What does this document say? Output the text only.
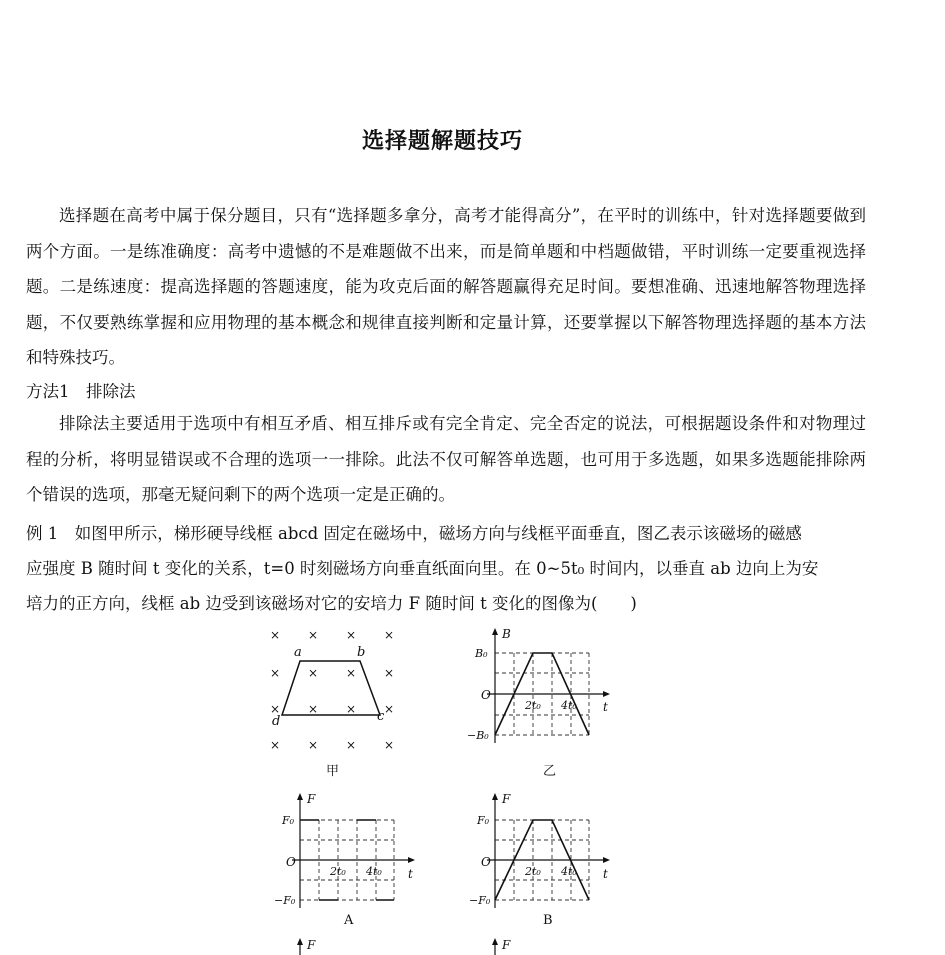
选择题解题技巧
选择题在高考中属于保分题目，只有“选择题多拿分，高考才能得高分”，在平时的训练中，针对选择题要做到两个方面。一是练准确度：高考中遗憾的不是难题做不出来，而是简单题和中档题做错，平时训练一定要重视选择题。二是练速度：提高选择题的答题速度，能为攻克后面的解答题赢得充足时间。要想准确、迅速地解答物理选择题，不仅要熟练掌握和应用物理的基本概念和规律直接判断和定量计算，还要掌握以下解答物理选择题的基本方法和特殊技巧。
方法1　排除法
排除法主要适用于选项中有相互矛盾、相互排斥或有完全肯定、完全否定的说法，可根据题设条件和对物理过程的分析，将明显错误或不合理的选项一一排除。此法不仅可解答单选题，也可用于多选题，如果多选题能排除两个错误的选项，那毫无疑问剩下的两个选项一定是正确的。
例 1　如图甲所示，梯形硬导线框 abcd 固定在磁场中，磁场方向与线框平面垂直，图乙表示该磁场的磁感
应强度 B 随时间 t 变化的关系，t=0 时刻磁场方向垂直纸面向里。在 0~5t₀ 时间内，以垂直 ab 边向上为安
培力的正方向，线框 ab 边受到该磁场对它的安培力 F 随时间 t 变化的图像为(　　)
× × × ×
× × × ×
× × × ×
× × ×
×
a	b
c
d
甲
B
t
O
B₀
−B₀
2t₀ 4t₀
乙
F
t
O
F₀
−F₀
2t₀ 4t₀
A
F
t
O
F₀
−F₀
2t₀ 4t₀
B
F	F
